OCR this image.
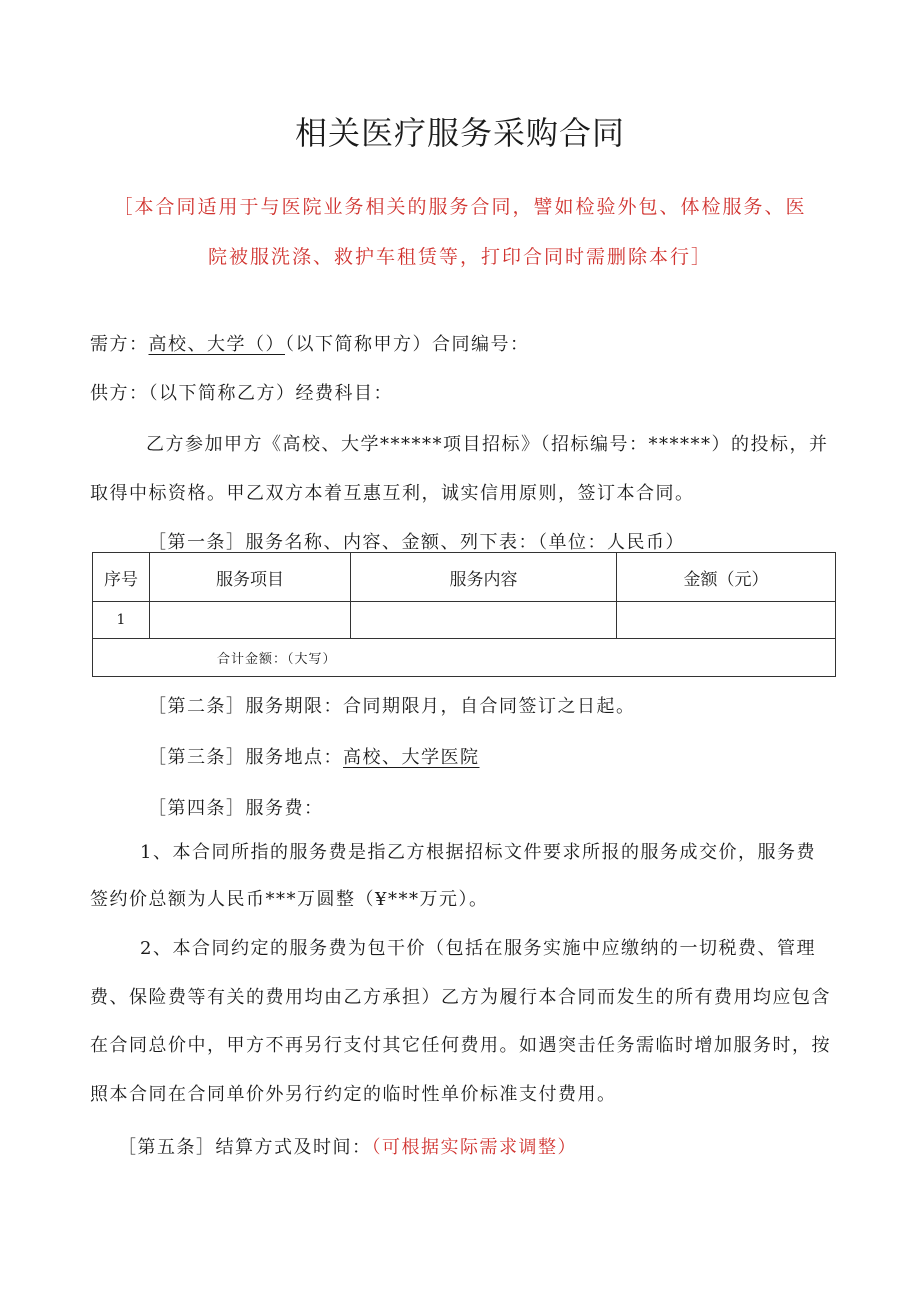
相关医疗服务采购合同
［本合同适用于与医院业务相关的服务合同，譬如检验外包、体检服务、医
院被服洗涤、救护车租赁等，打印合同时需删除本行］
需方：高校、大学（）（以下简称甲方）合同编号：
供方：（以下简称乙方）经费科目：
乙方参加甲方《高校、大学******项目招标》（招标编号：******）的投标，并
取得中标资格。甲乙双方本着互惠互利，诚实信用原则，签订本合同。
［第一条］服务名称、内容、金额、列下表：（单位：人民币）
序号	服务项目	服务内容	金额（元）
1			
合计金额：（大写）			
［第二条］服务期限：合同期限月，自合同签订之日起。
［第三条］服务地点：高校、大学医院
［第四条］服务费：
1、本合同所指的服务费是指乙方根据招标文件要求所报的服务成交价，服务费
签约价总额为人民币***万圆整（¥***万元）。
2、本合同约定的服务费为包干价（包括在服务实施中应缴纳的一切税费、管理
费、保险费等有关的费用均由乙方承担）乙方为履行本合同而发生的所有费用均应包含
在合同总价中，甲方不再另行支付其它任何费用。如遇突击任务需临时增加服务时，按
照本合同在合同单价外另行约定的临时性单价标准支付费用。
［第五条］结算方式及时间：（可根据实际需求调整）
